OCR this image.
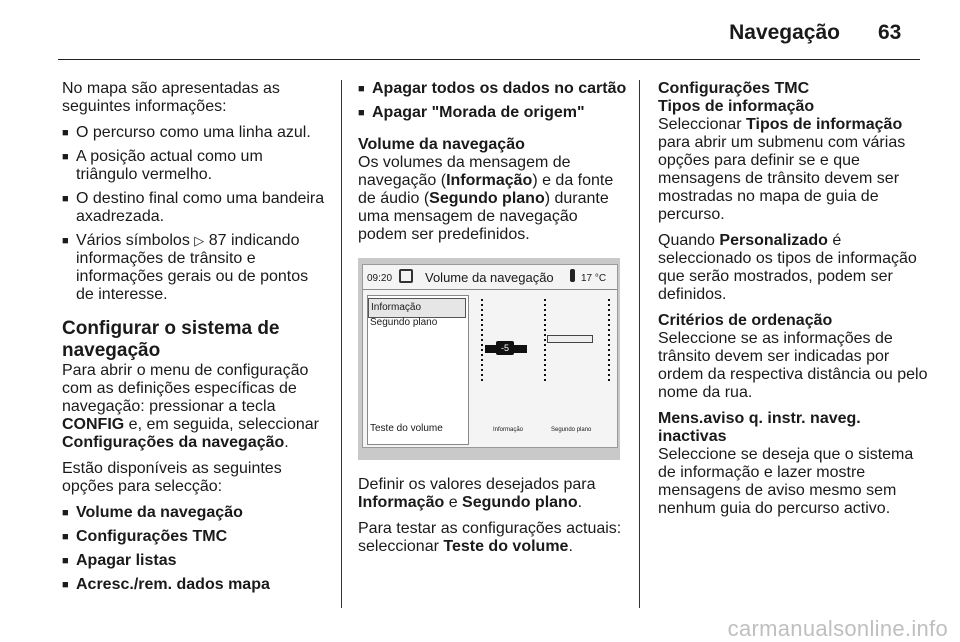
Navegação 63

No mapa são apresentadas as seguintes informações:

■ O percurso como uma linha azul.
■ A posição actual como um triângulo vermelho.
■ O destino final como uma bandeira axadrezada.
■ Vários símbolos ▷ 87 indicando informações de trânsito e informações gerais ou de pontos de interesse.
Configurar o sistema de navegação

Para abrir o menu de configuração com as definições específicas de navegação: pressionar a tecla CONFIG e, em seguida, seleccionar Configurações da navegação.

Estão disponíveis as seguintes opções para selecção:

■ Volume da navegação
■ Configurações TMC
■ Apagar listas
■ Acresc./rem. dados mapa
■ Apagar todos os dados no cartão
■ Apagar "Morada de origem"
Volume da navegação

Os volumes da mensagem de navegação (Informação) e da fonte de áudio (Segundo plano) durante uma mensagem de navegação podem ser predefinidos.

09:20	Volume da navegação	17 °C
Informação
Segundo plano
Teste do volume
-5
Informação	Segundo plano

Definir os valores desejados para Informação e Segundo plano.

Para testar as configurações actuais: seleccionar Teste do volume.

Configurações TMC
Tipos de informação

Seleccionar Tipos de informação para abrir um submenu com várias opções para definir se e que mensagens de trânsito devem ser mostradas no mapa de guia de percurso.

Quando Personalizado é seleccionado os tipos de informação que serão mostrados, podem ser definidos.

Critérios de ordenação

Seleccione se as informações de trânsito devem ser indicadas por ordem da respectiva distância ou pelo nome da rua.

Mens.aviso q. instr. naveg. inactivas

Seleccione se deseja que o sistema de informação e lazer mostre mensagens de aviso mesmo sem nenhum guia do percurso activo.

carmanualsonline.info
